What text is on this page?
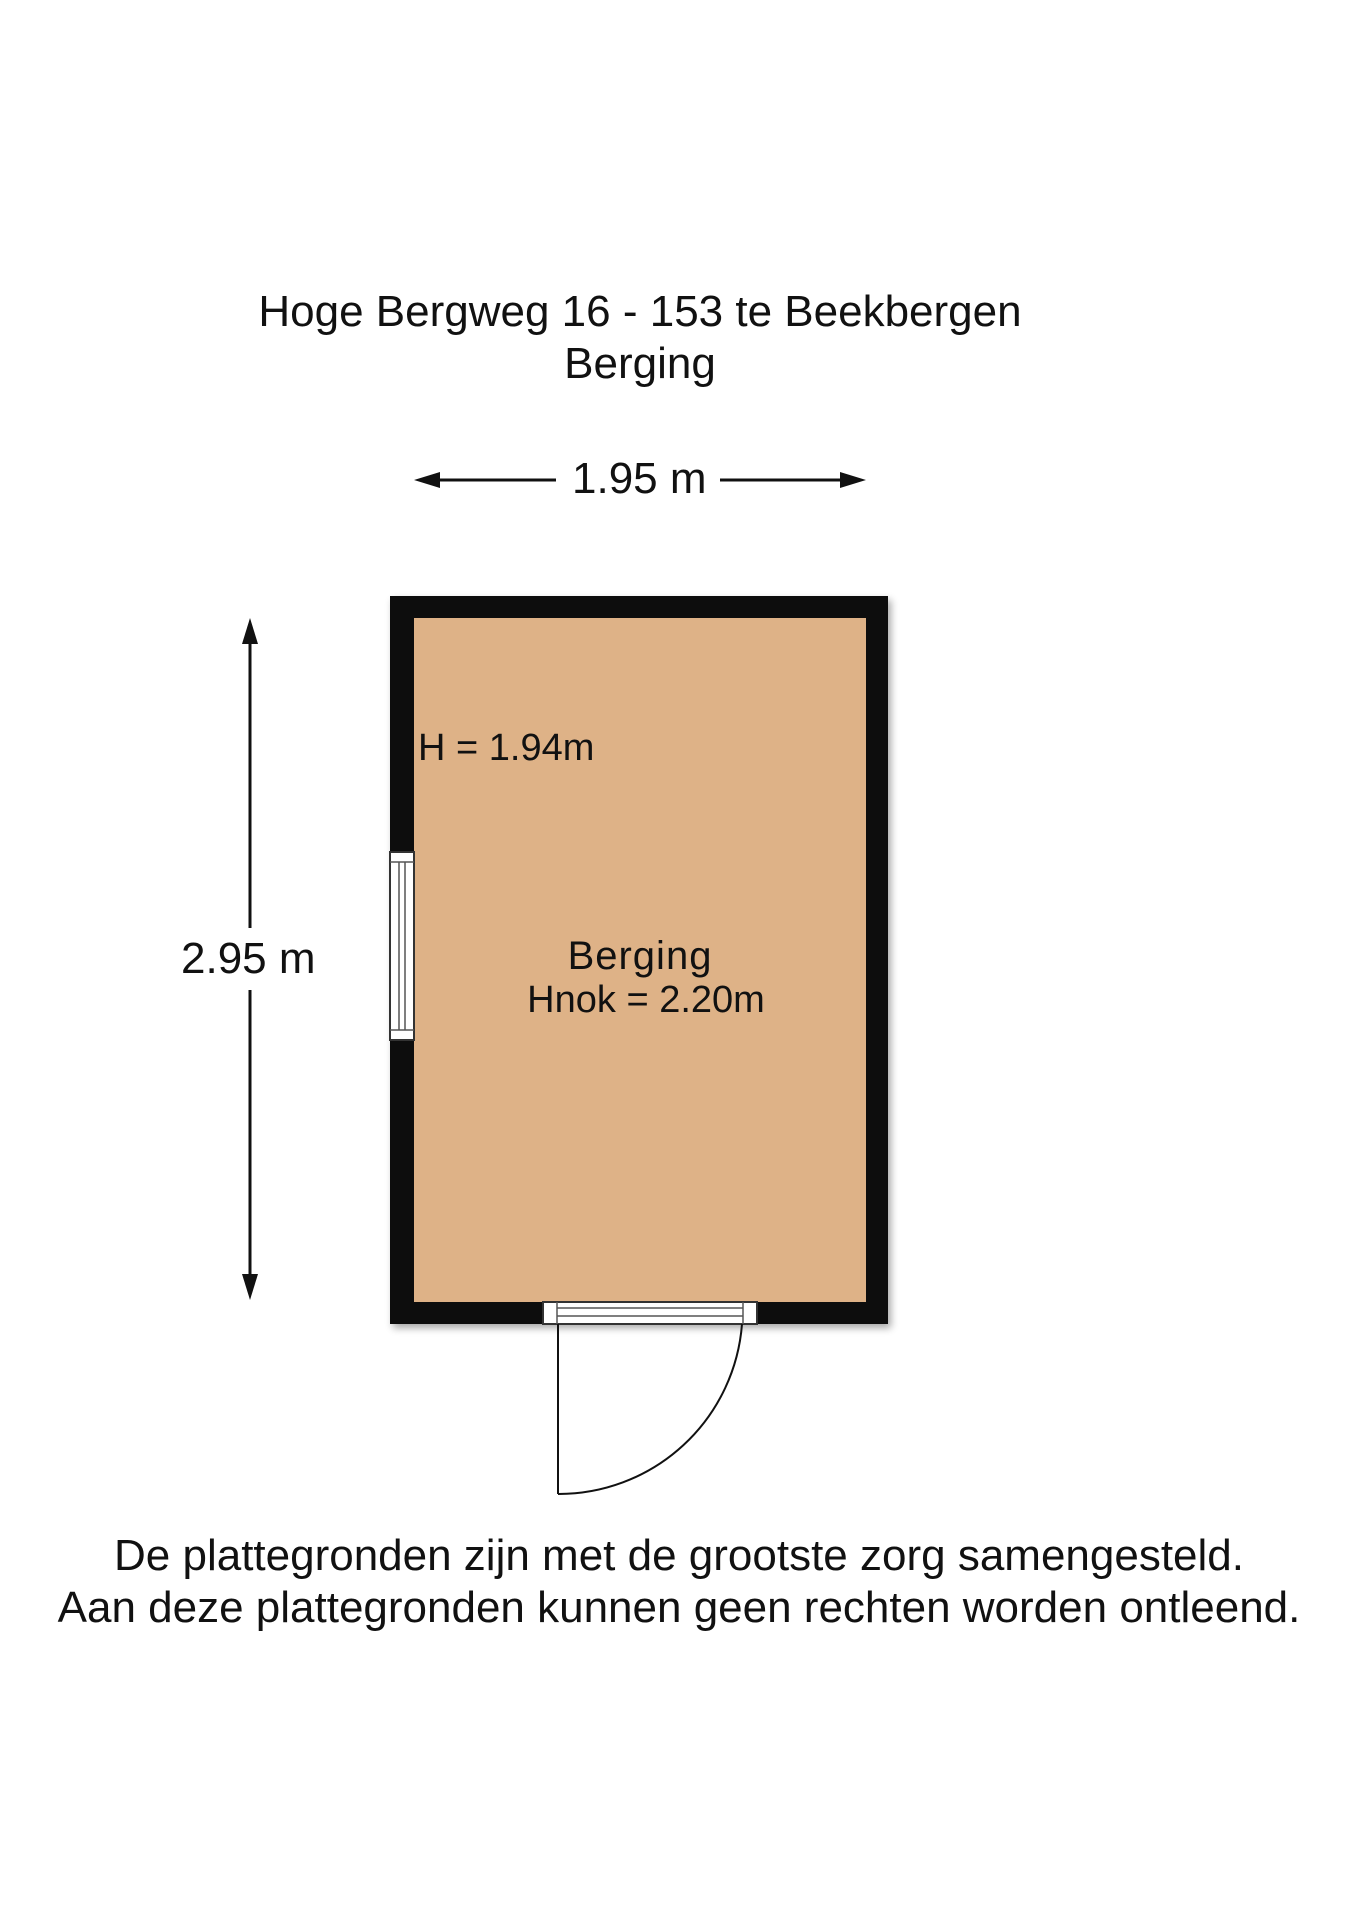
Hoge Bergweg 16 - 153 te Beekbergen
Berging
1.95 m
2.95 m
H = 1.94m
Berging
Hnok = 2.20m
De plattegronden zijn met de grootste zorg samengesteld.
Aan deze plattegronden kunnen geen rechten worden ontleend.
